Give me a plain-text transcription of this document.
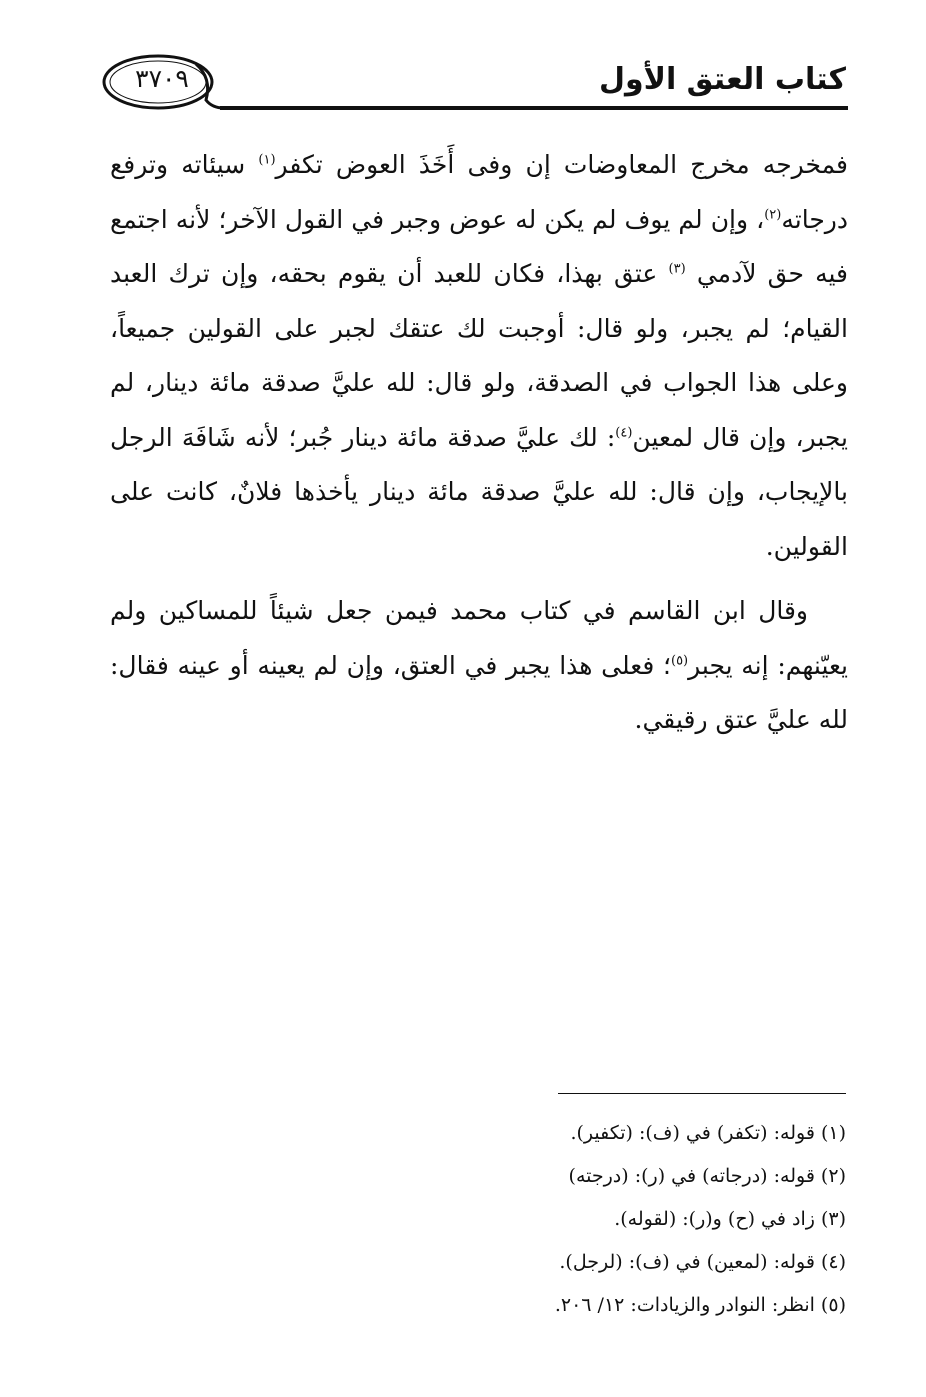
كتاب العتق الأول
٣٧٠٩

فمخرجه مخرج المعاوضات إن وفى أَخَذَ العوض تكفر$^{(١)}$ سيئاته وترفع درجاته$^{(٢)}$، وإن لم يوف لم يكن له عوض وجبر في القول الآخر؛ لأنه اجتمع فيه حق لآدمي $^{(٣)}$ عتق بهذا، فكان للعبد أن يقوم بحقه، وإن ترك العبد القيام؛ لم يجبر، ولو قال: أوجبت لك عتقك لجبر على القولين جميعاً، وعلى هذا الجواب في الصدقة، ولو قال: لله عليَّ صدقة مائة دينار، لم يجبر، وإن قال لمعين$^{(٤)}$: لك عليَّ صدقة مائة دينار جُبر؛ لأنه شَافَهَ الرجل بالإيجاب، وإن قال: لله عليَّ صدقة مائة دينار يأخذها فلانٌ، كانت على القولين.

وقال ابن القاسم في كتاب محمد فيمن جعل شيئاً للمساكين ولم يعيّنهم: إنه يجبر$^{(٥)}$؛ فعلى هذا يجبر في العتق، وإن لم يعينه أو عينه فقال: لله عليَّ عتق رقيقي.

(١) قوله: (تكفر) في (ف): (تكفير).
(٢) قوله: (درجاته) في (ر): (درجته)
(٣) زاد في (ح) و(ر): (لقوله).
(٤) قوله: (لمعين) في (ف): (لرجل).
(٥) انظر: النوادر والزيادات: ١٢/ ٢٠٦.
